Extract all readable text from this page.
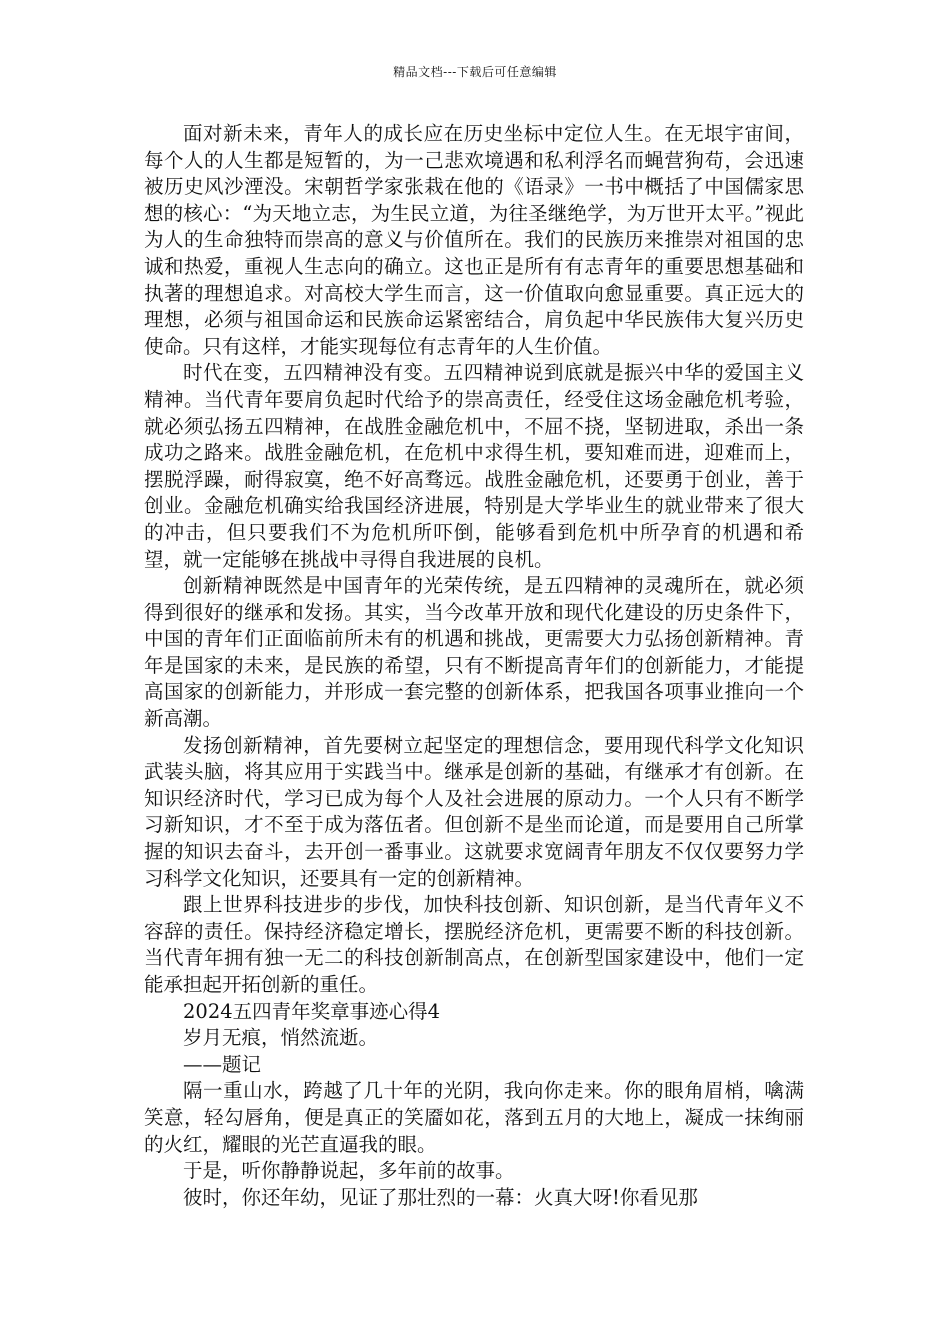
精品文档---下载后可任意编辑

面对新未来，青年人的成长应在历史坐标中定位人生。在无垠宇宙间，每个人的人生都是短暂的，为一己悲欢境遇和私利浮名而蝇营狗苟，会迅速被历史风沙湮没。宋朝哲学家张栽在他的《语录》一书中概括了中国儒家思想的核心：“为天地立志，为生民立道，为往圣继绝学，为万世开太平。”视此为人的生命独特而崇高的意义与价值所在。我们的民族历来推崇对祖国的忠诚和热爱，重视人生志向的确立。这也正是所有有志青年的重要思想基础和执著的理想追求。对高校大学生而言，这一价值取向愈显重要。真正远大的理想，必须与祖国命运和民族命运紧密结合，肩负起中华民族伟大复兴历史使命。只有这样，才能实现每位有志青年的人生价值。

时代在变，五四精神没有变。五四精神说到底就是振兴中华的爱国主义精神。当代青年要肩负起时代给予的崇高责任，经受住这场金融危机考验，就必须弘扬五四精神，在战胜金融危机中，不屈不挠，坚韧进取，杀出一条成功之路来。战胜金融危机，在危机中求得生机，要知难而进，迎难而上，摆脱浮躁，耐得寂寞，绝不好高骛远。战胜金融危机，还要勇于创业，善于创业。金融危机确实给我国经济进展，特别是大学毕业生的就业带来了很大的冲击，但只要我们不为危机所吓倒，能够看到危机中所孕育的机遇和希望，就一定能够在挑战中寻得自我进展的良机。

创新精神既然是中国青年的光荣传统，是五四精神的灵魂所在，就必须得到很好的继承和发扬。其实，当今改革开放和现代化建设的历史条件下，中国的青年们正面临前所未有的机遇和挑战，更需要大力弘扬创新精神。青年是国家的未来，是民族的希望，只有不断提高青年们的创新能力，才能提高国家的创新能力，并形成一套完整的创新体系，把我国各项事业推向一个新高潮。

发扬创新精神，首先要树立起坚定的理想信念，要用现代科学文化知识武装头脑，将其应用于实践当中。继承是创新的基础，有继承才有创新。在知识经济时代，学习已成为每个人及社会进展的原动力。一个人只有不断学习新知识，才不至于成为落伍者。但创新不是坐而论道，而是要用自己所掌握的知识去奋斗，去开创一番事业。这就要求宽阔青年朋友不仅仅要努力学习科学文化知识，还要具有一定的创新精神。

跟上世界科技进步的步伐，加快科技创新、知识创新，是当代青年义不容辞的责任。保持经济稳定增长，摆脱经济危机，更需要不断的科技创新。当代青年拥有独一无二的科技创新制高点，在创新型国家建设中，他们一定能承担起开拓创新的重任。

2024五四青年奖章事迹心得4

岁月无痕，悄然流逝。

——题记

隔一重山水，跨越了几十年的光阴，我向你走来。你的眼角眉梢，噙满笑意，轻勾唇角，便是真正的笑靥如花，落到五月的大地上，凝成一抹绚丽的火红，耀眼的光芒直逼我的眼。

于是，听你静静说起，多年前的故事。

彼时，你还年幼，见证了那壮烈的一幕：火真大呀!你看见那
